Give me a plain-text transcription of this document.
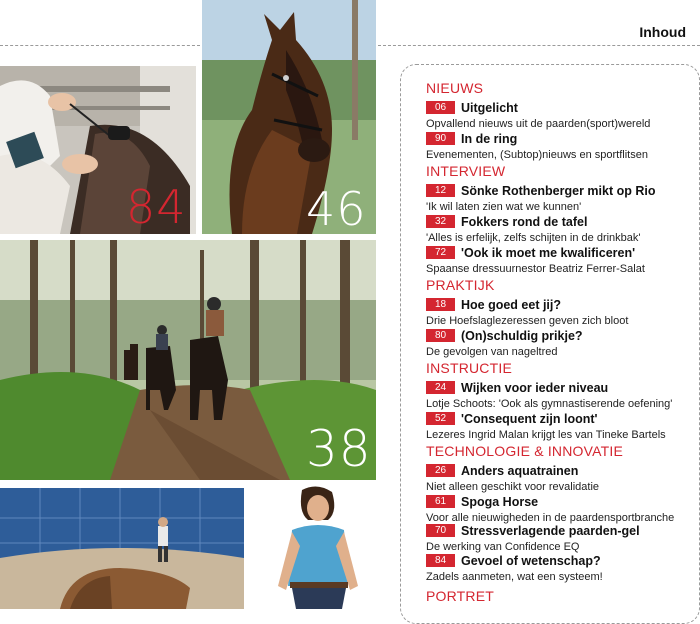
Inhoud
84	46
38
NIEUWS
06 Uitgelicht
Opvallend nieuws uit de paarden(sport)wereld
90 In de ring
Evenementen, (Subtop)nieuws en sportflitsen
INTERVIEW
12 Sönke Rothenberger mikt op Rio
'Ik wil laten zien wat we kunnen'
32 Fokkers rond de tafel
'Alles is erfelijk, zelfs schijten in de drinkbak'
72 'Ook ik moet me kwalificeren'
Spaanse dressuurnestor Beatriz Ferrer-Salat
PRAKTIJK
18 Hoe goed eet jij?
Drie Hoefslaglezeressen geven zich bloot
80 (On)schuldig prikje?
De gevolgen van nageltred
INSTRUCTIE
24 Wijken voor ieder niveau
Lotje Schoots: 'Ook als gymnastiserende oefening'
52 'Consequent zijn loont'
Lezeres Ingrid Malan krijgt les van Tineke Bartels
TECHNOLOGIE & INNOVATIE
26 Anders aquatrainen
Niet alleen geschikt voor revalidatie
61 Spoga Horse
Voor alle nieuwigheden in de paardensportbranche
70 Stressverlagende paarden-gel
De werking van Confidence EQ
84 Gevoel of wetenschap?
Zadels aanmeten, wat een systeem!
PORTRET
